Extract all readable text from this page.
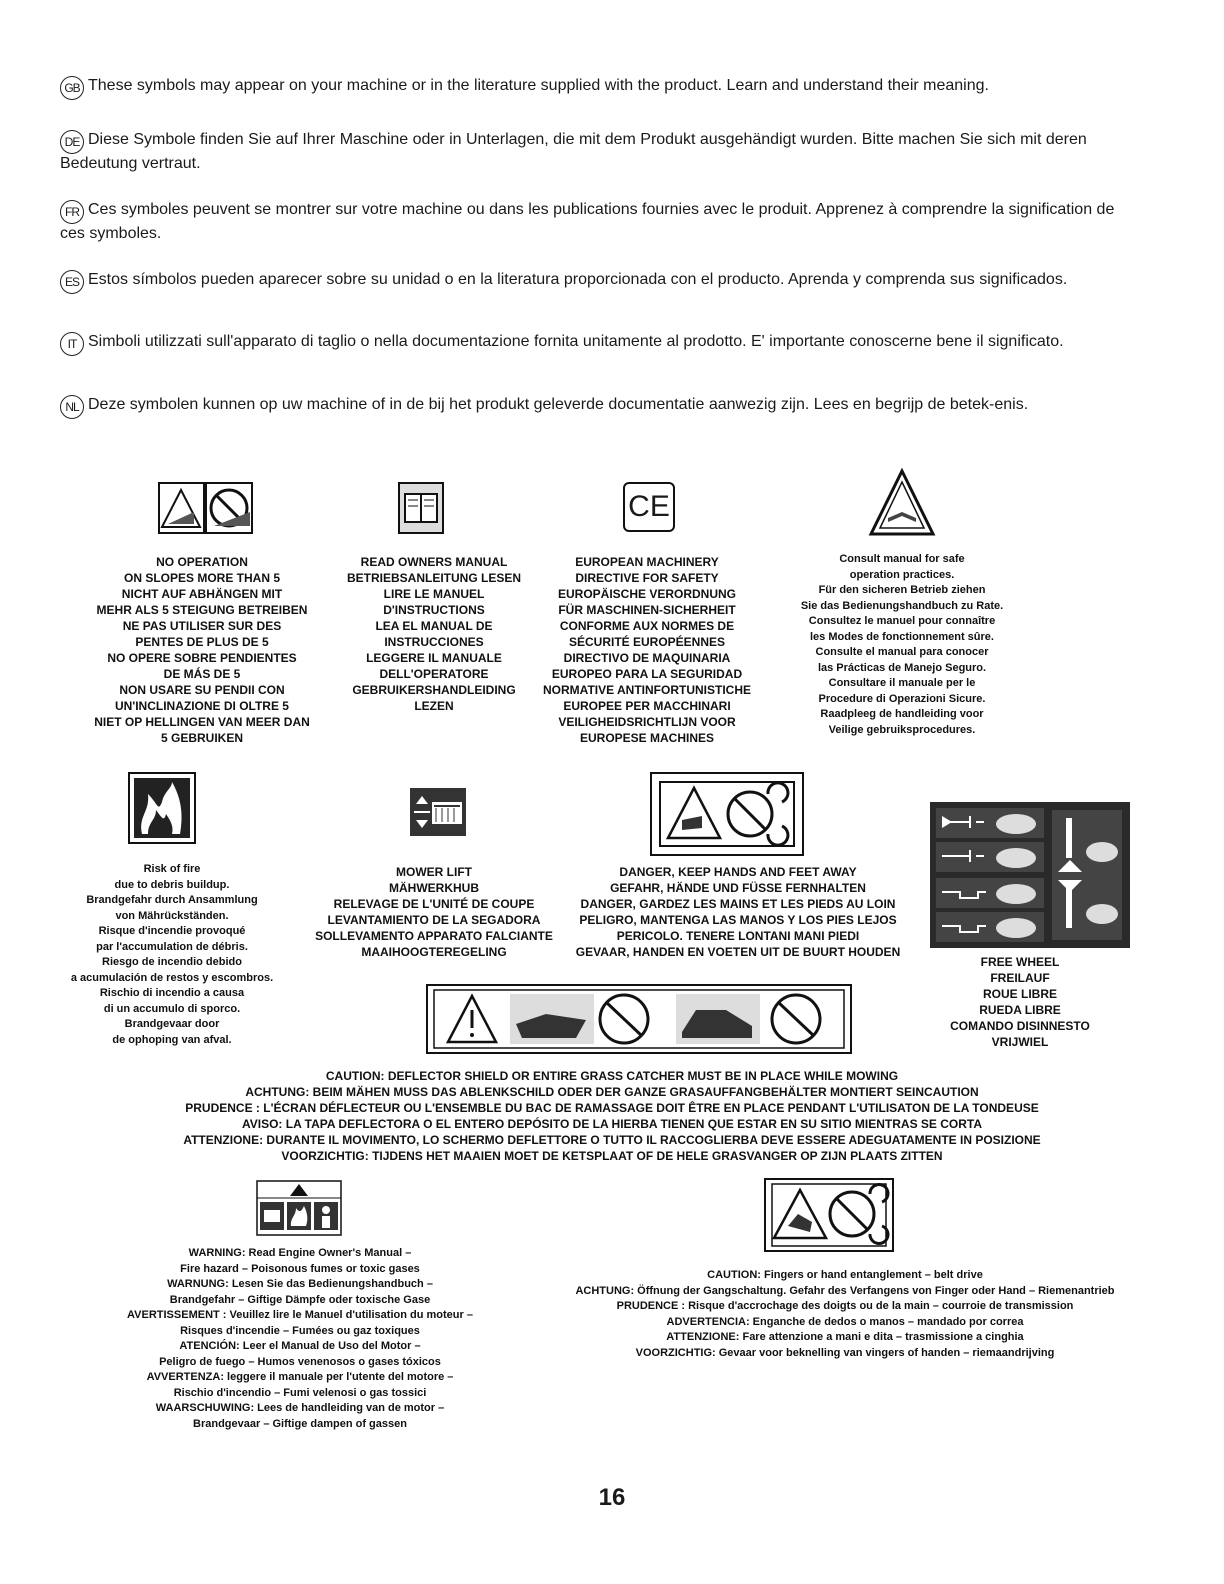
GB These symbols may appear on your machine or in the literature supplied with the product. Learn and understand their meaning.
DE Diese Symbole finden Sie auf Ihrer Maschine oder in Unterlagen, die mit dem Produkt ausgehändigt wurden. Bitte machen Sie sich mit deren Bedeutung vertraut.
FR Ces symboles peuvent se montrer sur votre machine ou dans les publications fournies avec le produit. Apprenez à comprendre la signification de ces symboles.
ES Estos símbolos pueden aparecer sobre su unidad o en la literatura proporcionada con el producto. Aprenda y comprenda sus significados.
IT Simboli utilizzati sull'apparato di taglio o nella documentazione fornita unitamente al prodotto. E' importante conoscerne bene il significato.
NL Deze symbolen kunnen op uw machine of in de bij het produkt geleverde documentatie aanwezig zijn. Lees en begrijp de betek-enis.
CE
NO OPERATION
ON SLOPES MORE THAN 5
NICHT AUF ABHÄNGEN MIT
MEHR ALS 5 STEIGUNG BETREIBEN
NE PAS UTILISER SUR DES
PENTES DE PLUS DE 5
NO OPERE SOBRE PENDIENTES
DE MÁS DE 5
NON USARE SU PENDII CON
UN'INCLINAZIONE DI OLTRE 5
NIET OP HELLINGEN VAN MEER DAN
5 GEBRUIKEN
READ OWNERS MANUAL
BETRIEBSANLEITUNG LESEN
LIRE LE MANUEL
D'INSTRUCTIONS
LEA EL MANUAL DE
INSTRUCCIONES
LEGGERE IL MANUALE
DELL'OPERATORE
GEBRUIKERSHANDLEIDING
LEZEN
EUROPEAN MACHINERY
DIRECTIVE FOR SAFETY
EUROPÄISCHE VERORDNUNG
FÜR MASCHINEN-SICHERHEIT
CONFORME AUX NORMES DE
SÉCURITÉ EUROPÉENNES
DIRECTIVO DE MAQUINARIA
EUROPEO PARA LA SEGURIDAD
NORMATIVE ANTINFORTUNISTICHE
EUROPEE PER MACCHINARI
VEILIGHEIDSRICHTLIJN VOOR
EUROPESE MACHINES
Consult manual for safe
operation practices.
Für den sicheren Betrieb ziehen
Sie das Bedienungshandbuch zu Rate.
Consultez le manuel pour connaître
les Modes de fonctionnement sûre.
Consulte el manual para conocer
las Prácticas de Manejo Seguro.
Consultare il manuale per le
Procedure di Operazioni Sicure.
Raadpleeg de handleiding voor
Veilige gebruiksprocedures.
Risk of fire
due to debris buildup.
Brandgefahr durch Ansammlung
von Mährückständen.
Risque d'incendie provoqué
par l'accumulation de débris.
Riesgo de incendio debido
a acumulación de restos y escombros.
Rischio di incendio a causa
di un accumulo di sporco.
Brandgevaar door
de ophoping van afval.
MOWER LIFT
MÄHWERKHUB
RELEVAGE DE L'UNITÉ DE COUPE
LEVANTAMIENTO DE LA SEGADORA
SOLLEVAMENTO APPARATO FALCIANTE
MAAIHOOGTEREGELING
DANGER, KEEP HANDS AND FEET AWAY
GEFAHR, HÄNDE UND FÜSSE FERNHALTEN
DANGER, GARDEZ LES MAINS ET LES PIEDS AU LOIN
PELIGRO, MANTENGA LAS MANOS Y LOS PIES LEJOS
PERICOLO. TENERE LONTANI MANI PIEDI
GEVAAR, HANDEN EN VOETEN UIT DE BUURT HOUDEN
FREE WHEEL
FREILAUF
ROUE LIBRE
RUEDA LIBRE
COMANDO DISINNESTO
VRIJWIEL
CAUTION: DEFLECTOR SHIELD OR ENTIRE GRASS CATCHER MUST BE IN PLACE WHILE MOWING
ACHTUNG: BEIM MÄHEN MUSS DAS ABLENKSCHILD ODER DER GANZE GRASAUFFANGBEHÄLTER MONTIERT SEINCAUTION
PRUDENCE : L'ÉCRAN DÉFLECTEUR OU L'ENSEMBLE DU BAC DE RAMASSAGE DOIT ÊTRE EN PLACE PENDANT L'UTILISATON DE LA TONDEUSE
AVISO: LA TAPA DEFLECTORA O EL ENTERO DEPÓSITO DE LA HIERBA TIENEN QUE ESTAR EN SU SITIO MIENTRAS SE CORTA
ATTENZIONE: DURANTE IL MOVIMENTO, LO SCHERMO DEFLETTORE O TUTTO IL RACCOGLIERBA DEVE ESSERE ADEGUATAMENTE IN POSIZIONE
VOORZICHTIG: TIJDENS HET MAAIEN MOET DE KETSPLAAT OF DE HELE GRASVANGER OP ZIJN PLAATS ZITTEN
WARNING: Read Engine Owner's Manual –
Fire hazard – Poisonous fumes or toxic gases
WARNUNG: Lesen Sie das Bedienungshandbuch –
Brandgefahr – Giftige Dämpfe oder toxische Gase
AVERTISSEMENT : Veuillez lire le Manuel d'utilisation du moteur –
Risques d'incendie – Fumées ou gaz toxiques
ATENCIÓN: Leer el Manual de Uso del Motor –
Peligro de fuego – Humos venenosos o gases tóxicos
AVVERTENZA: leggere il manuale per l'utente del motore –
Rischio d'incendio – Fumi velenosi o gas tossici
WAARSCHUWING: Lees de handleiding van de motor –
Brandgevaar – Giftige dampen of gassen
CAUTION: Fingers or hand entanglement – belt drive
ACHTUNG: Öffnung der Gangschaltung. Gefahr des Verfangens von Finger oder Hand – Riemenantrieb
PRUDENCE : Risque d'accrochage des doigts ou de la main – courroie de transmission
ADVERTENCIA: Enganche de dedos o manos – mandado por correa
ATTENZIONE: Fare attenzione a mani e dita – trasmissione a cinghia
VOORZICHTIG: Gevaar voor beknelling van vingers of handen – riemaandrijving
16
